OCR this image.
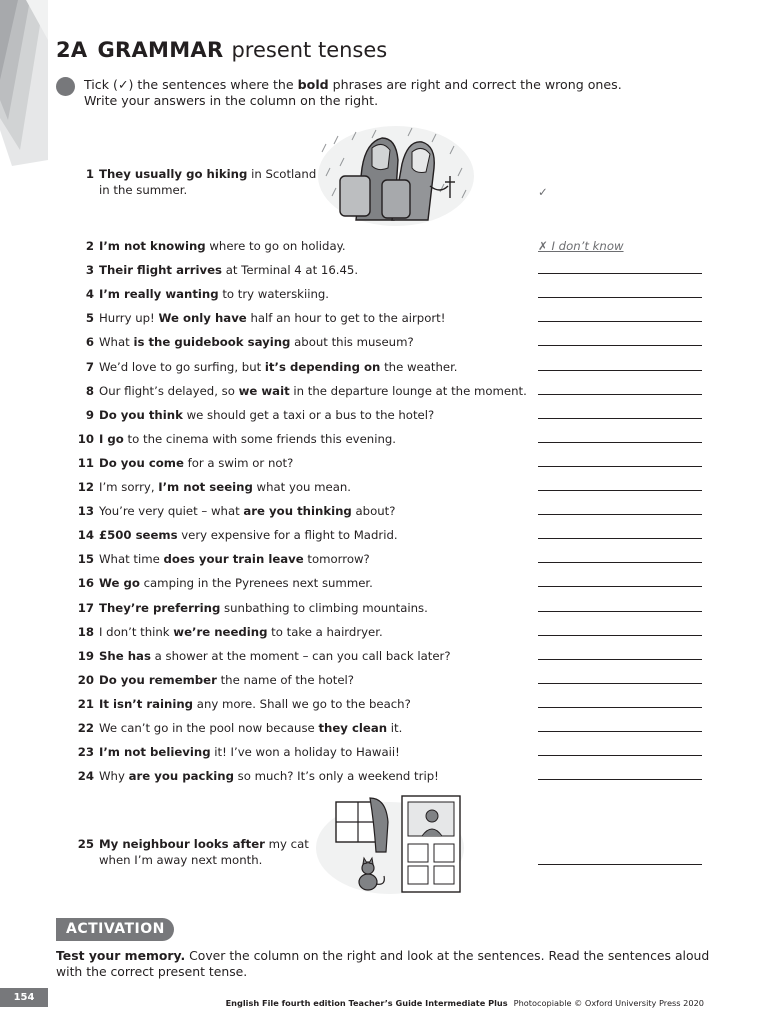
2A GRAMMAR present tenses
Tick (✓) the sentences where the bold phrases are right and correct the wrong ones.
Write your answers in the column on the right.
1 They usually go hiking in Scotland
in the summer.	✓
2 I’m not knowing where to go on holiday.	✗ I don’t know
3 Their flight arrives at Terminal 4 at 16.45.
4 I’m really wanting to try waterskiing.
5 Hurry up! We only have half an hour to get to the airport!
6 What is the guidebook saying about this museum?
7 We’d love to go surfing, but it’s depending on the weather.
8 Our flight’s delayed, so we wait in the departure lounge at the moment.
9 Do you think we should get a taxi or a bus to the hotel?
10 I go to the cinema with some friends this evening.
11 Do you come for a swim or not?
12 I’m sorry, I’m not seeing what you mean.
13 You’re very quiet – what are you thinking about?
14 £500 seems very expensive for a flight to Madrid.
15 What time does your train leave tomorrow?
16 We go camping in the Pyrenees next summer.
17 They’re preferring sunbathing to climbing mountains.
18 I don’t think we’re needing to take a hairdryer.
19 She has a shower at the moment – can you call back later?
20 Do you remember the name of the hotel?
21 It isn’t raining any more. Shall we go to the beach?
22 We can’t go in the pool now because they clean it.
23 I’m not believing it! I’ve won a holiday to Hawaii!
24 Why are you packing so much? It’s only a weekend trip!
25 My neighbour looks after my cat
when I’m away next month.
ACTIVATION
Test your memory. Cover the column on the right and look at the sentences. Read the sentences aloud with the correct present tense.
154	English File fourth edition Teacher’s Guide Intermediate Plus Photocopiable © Oxford University Press 2020
